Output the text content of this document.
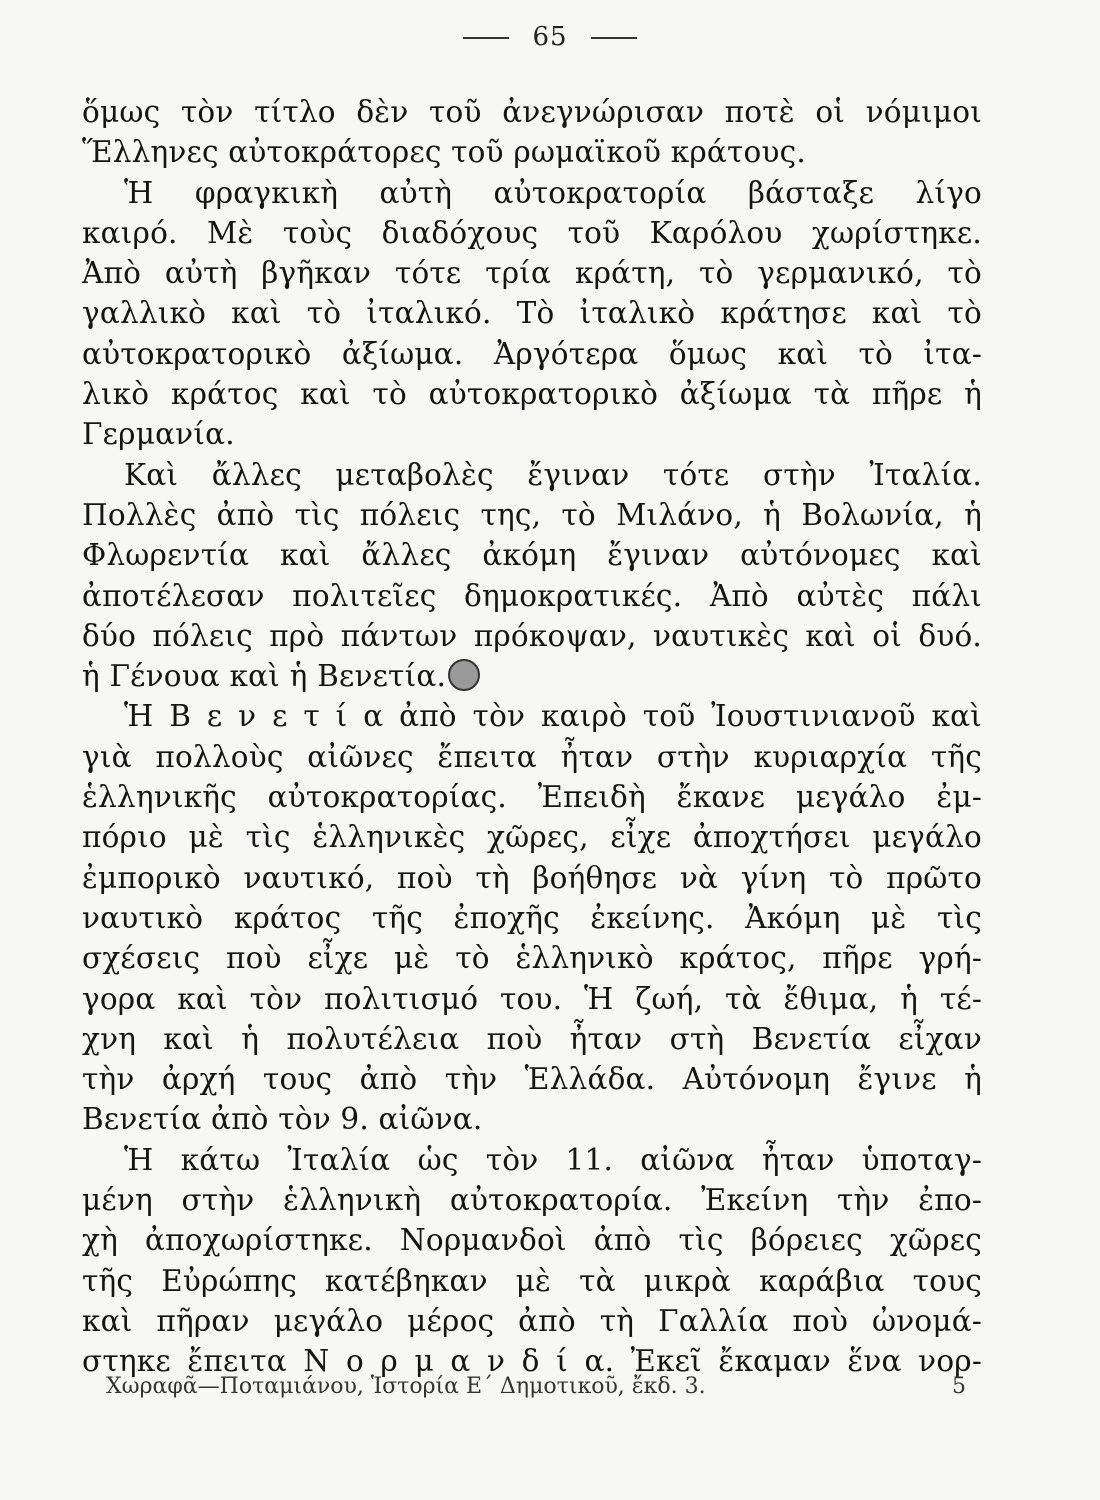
65
ὅμως τὸν τίτλο δὲν τοῦ ἀνεγνώρισαν ποτὲ οἱ νόμιμοι
Ἕλληνες αὐτοκράτορες τοῦ ρωμαϊκοῦ κράτους.
Ἡ φραγκικὴ αὐτὴ αὐτοκρατορία βάσταξε λίγο
καιρό. Μὲ τοὺς διαδόχους τοῦ Καρόλου χωρίστηκε.
Ἀπὸ αὐτὴ βγῆκαν τότε τρία κράτη, τὸ γερμανικό, τὸ
γαλλικὸ καὶ τὸ ἰταλικό. Τὸ ἰταλικὸ κράτησε καὶ τὸ
αὐτοκρατορικὸ ἀξίωμα. Ἀργότερα ὅμως καὶ τὸ ἰτα-
λικὸ κράτος καὶ τὸ αὐτοκρατορικὸ ἀξίωμα τὰ πῆρε ἡ
Γερμανία.
Καὶ ἄλλες μεταβολὲς ἔγιναν τότε στὴν Ἰταλία.
Πολλὲς ἀπὸ τὶς πόλεις της, τὸ Μιλάνο, ἡ Βολωνία, ἡ
Φλωρεντία καὶ ἄλλες ἀκόμη ἔγιναν αὐτόνομες καὶ
ἀποτέλεσαν πολιτεῖες δημοκρατικές. Ἀπὸ αὐτὲς πάλι
δύο πόλεις πρὸ πάντων πρόκοψαν, ναυτικὲς καὶ οἱ δυό.
ἡ Γένουα καὶ ἡ Βενετία.
Ἡ Β ε ν ε τ ί α ἀπὸ τὸν καιρὸ τοῦ Ἰουστινιανοῦ καὶ
γιὰ πολλοὺς αἰῶνες ἔπειτα ἦταν στὴν κυριαρχία τῆς
ἑλληνικῆς αὐτοκρατορίας. Ἐπειδὴ ἔκανε μεγάλο ἐμ-
πόριο μὲ τὶς ἑλληνικὲς χῶρες, εἶχε ἀποχτήσει μεγάλο
ἐμπορικὸ ναυτικό, ποὺ τὴ βοήθησε νὰ γίνη τὸ πρῶτο
ναυτικὸ κράτος τῆς ἐποχῆς ἐκείνης. Ἀκόμη μὲ τὶς
σχέσεις ποὺ εἶχε μὲ τὸ ἑλληνικὸ κράτος, πῆρε γρή-
γορα καὶ τὸν πολιτισμό του. Ἡ ζωή, τὰ ἔθιμα, ἡ τέ-
χνη καὶ ἡ πολυτέλεια ποὺ ἦταν στὴ Βενετία εἶχαν
τὴν ἀρχή τους ἀπὸ τὴν Ἑλλάδα. Αὐτόνομη ἔγινε ἡ
Βενετία ἀπὸ τὸν 9. αἰῶνα.
Ἡ κάτω Ἰταλία ὡς τὸν 11. αἰῶνα ἦταν ὑποταγ-
μένη στὴν ἑλληνικὴ αὐτοκρατορία. Ἐκείνη τὴν ἐπο-
χὴ ἀποχωρίστηκε. Νορμανδοὶ ἀπὸ τὶς βόρειες χῶρες
τῆς Εὐρώπης κατέβηκαν μὲ τὰ μικρὰ καράβια τους
καὶ πῆραν μεγάλο μέρος ἀπὸ τὴ Γαλλία ποὺ ὠνομά-
στηκε ἔπειτα Ν ο ρ μ α ν δ ί α. Ἐκεῖ ἔκαμαν ἕνα νορ-
Χωραφᾶ—Ποταμιάνου, Ἱστορία Ε΄ Δημοτικοῦ, ἔκδ. 3.	5
